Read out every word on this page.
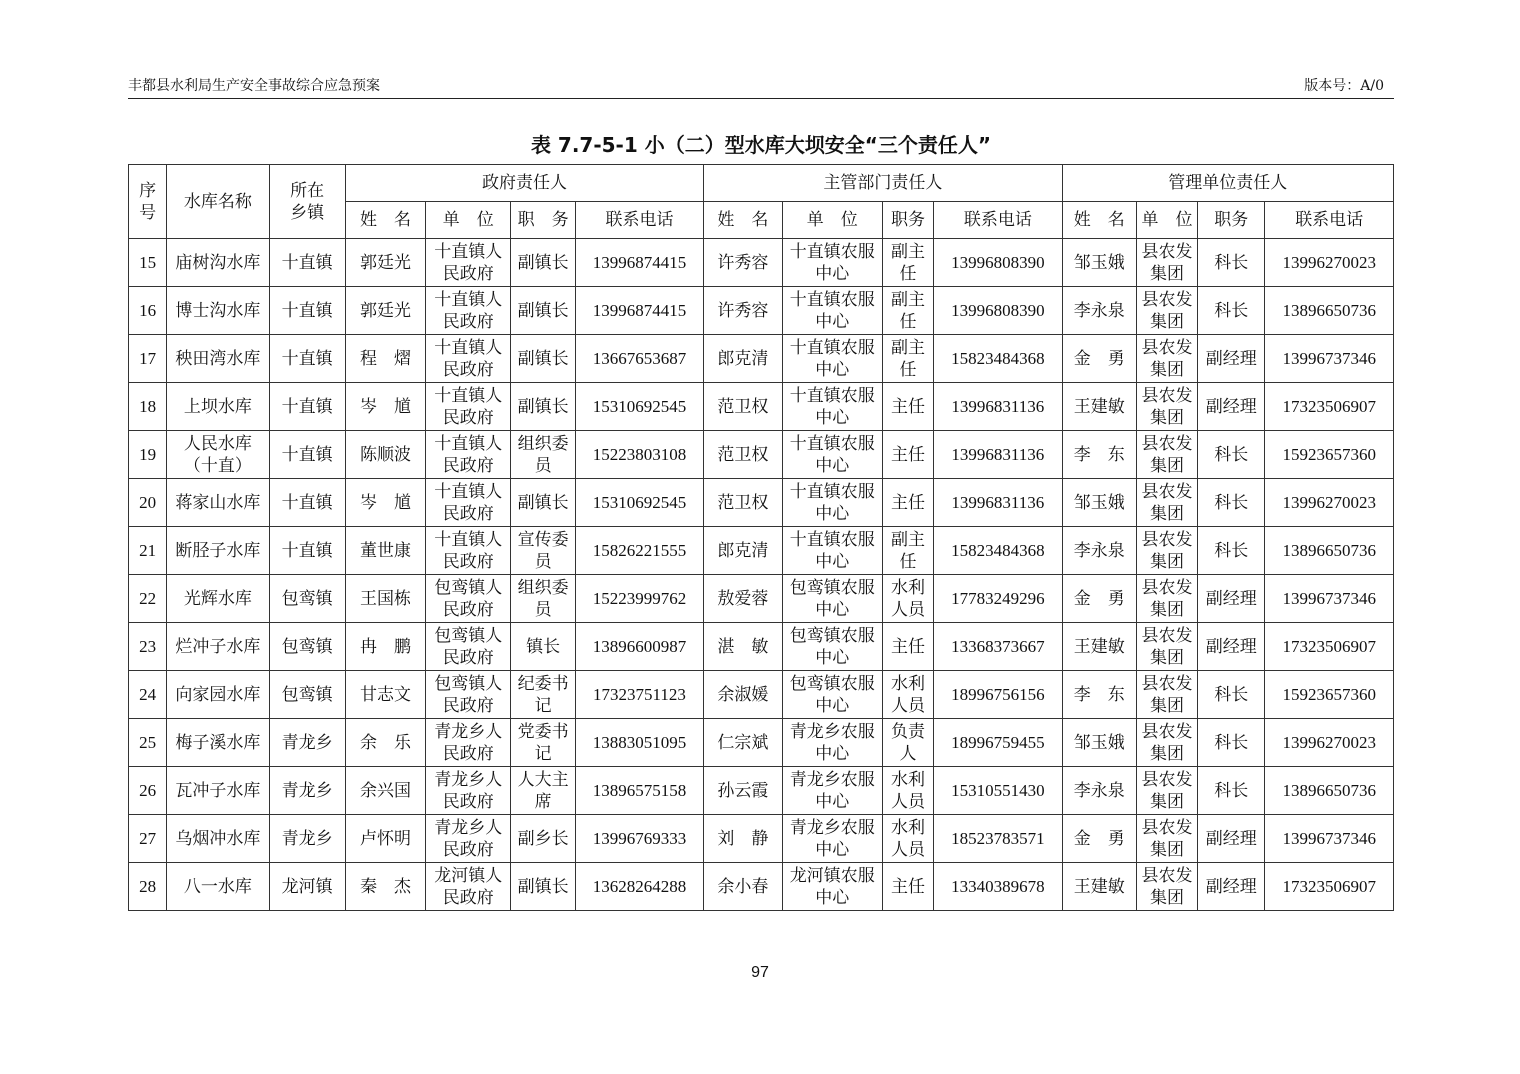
丰都县水利局生产安全事故综合应急预案	版本号：A/0
表 7.7-5-1 小（二）型水库大坝安全“三个责任人”
序号	水库名称	所在乡镇	政府责任人				主管部门责任人				管理单位责任人			
			姓　名	单　位	职　务	联系电话	姓　名	单　位	职务	联系电话	姓　名	单　位	职务	联系电话
15	庙树沟水库	十直镇	郭廷光	十直镇人民政府	副镇长	13996874415	许秀容	十直镇农服中心	副主任	13996808390	邹玉娥	县农发集团	科长	13996270023
16	博士沟水库	十直镇	郭廷光	十直镇人民政府	副镇长	13996874415	许秀容	十直镇农服中心	副主任	13996808390	李永泉	县农发集团	科长	13896650736
17	秧田湾水库	十直镇	程　熠	十直镇人民政府	副镇长	13667653687	郎克清	十直镇农服中心	副主任	15823484368	金　勇	县农发集团	副经理	13996737346
18	上坝水库	十直镇	岑　馗	十直镇人民政府	副镇长	15310692545	范卫权	十直镇农服中心	主任	13996831136	王建敏	县农发集团	副经理	17323506907
19	人民水库（十直）	十直镇	陈顺波	十直镇人民政府	组织委员	15223803108	范卫权	十直镇农服中心	主任	13996831136	李　东	县农发集团	科长	15923657360
20	蒋家山水库	十直镇	岑　馗	十直镇人民政府	副镇长	15310692545	范卫权	十直镇农服中心	主任	13996831136	邹玉娥	县农发集团	科长	13996270023
21	断胫子水库	十直镇	董世康	十直镇人民政府	宣传委员	15826221555	郎克清	十直镇农服中心	副主任	15823484368	李永泉	县农发集团	科长	13896650736
22	光辉水库	包鸾镇	王国栋	包鸾镇人民政府	组织委员	15223999762	敖爱蓉	包鸾镇农服中心	水利人员	17783249296	金　勇	县农发集团	副经理	13996737346
23	烂冲子水库	包鸾镇	冉　鹏	包鸾镇人民政府	镇长	13896600987	湛　敏	包鸾镇农服中心	主任	13368373667	王建敏	县农发集团	副经理	17323506907
24	向家园水库	包鸾镇	甘志文	包鸾镇人民政府	纪委书记	17323751123	余淑媛	包鸾镇农服中心	水利人员	18996756156	李　东	县农发集团	科长	15923657360
25	梅子溪水库	青龙乡	余　乐	青龙乡人民政府	党委书记	13883051095	仁宗斌	青龙乡农服中心	负责人	18996759455	邹玉娥	县农发集团	科长	13996270023
26	瓦冲子水库	青龙乡	余兴国	青龙乡人民政府	人大主席	13896575158	孙云霞	青龙乡农服中心	水利人员	15310551430	李永泉	县农发集团	科长	13896650736
27	乌烟冲水库	青龙乡	卢怀明	青龙乡人民政府	副乡长	13996769333	刘　静	青龙乡农服中心	水利人员	18523783571	金　勇	县农发集团	副经理	13996737346
28	八一水库	龙河镇	秦　杰	龙河镇人民政府	副镇长	13628264288	余小春	龙河镇农服中心	主任	13340389678	王建敏	县农发集团	副经理	17323506907
97
